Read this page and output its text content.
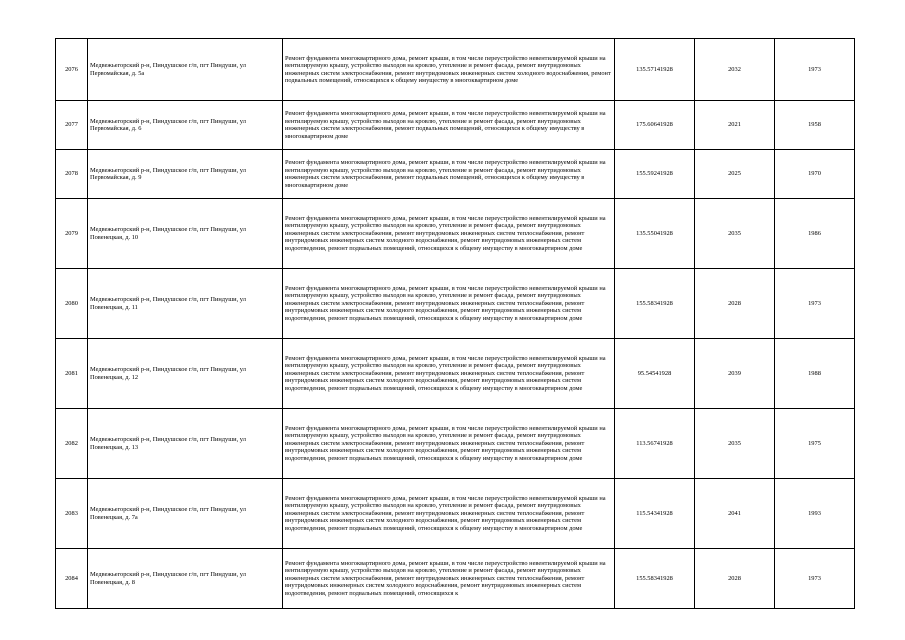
2076	Медвежьегорский р-н, Пиндушское г/п, пгт Пиндуши, ул Первомайская, д. 5а	Ремонт фундамента многоквартирного дома, ремонт крыши, в том числе переустройство невентилируемой крыши на вентилируемую крышу, устройство выходов на кровлю, утепление и ремонт фасада, ремонт внутридомовых инженерных систем электроснабжения, ремонт внутридомовых инженерных систем холодного водоснабжения, ремонт подвальных помещений, относящихся к общему имуществу в многоквартирном доме	135.57141928	2032	1973
2077	Медвежьегорский р-н, Пиндушское г/п, пгт Пиндуши, ул Первомайская, д. 6	Ремонт фундамента многоквартирного дома, ремонт крыши, в том числе переустройство невентилируемой крыши на вентилируемую крышу, устройство выходов на кровлю, утепление и ремонт фасада, ремонт внутридомовых инженерных систем электроснабжения, ремонт подвальных помещений, относящихся к общему имуществу в многоквартирном доме	175.60641928	2021	1958
2078	Медвежьегорский р-н, Пиндушское г/п, пгт Пиндуши, ул Первомайская, д. 9	Ремонт фундамента многоквартирного дома, ремонт крыши, в том числе переустройство невентилируемой крыши на вентилируемую крышу, устройство выходов на кровлю, утепление и ремонт фасада, ремонт внутридомовых инженерных систем электроснабжения, ремонт подвальных помещений, относящихся к общему имуществу в многоквартирном доме	155.59241928	2025	1970
2079	Медвежьегорский р-н, Пиндушское г/п, пгт Пиндуши, ул Повенецкая, д. 10	Ремонт фундамента многоквартирного дома, ремонт крыши, в том числе переустройство невентилируемой крыши на вентилируемую крышу, устройство выходов на кровлю, утепление и ремонт фасада, ремонт внутридомовых инженерных систем электроснабжения, ремонт внутридомовых инженерных систем теплоснабжения, ремонт внутридомовых инженерных систем холодного водоснабжения, ремонт внутридомовых инженерных систем водоотведения, ремонт подвальных помещений, относящихся к общему имуществу в многоквартирном доме	135.55041928	2035	1986
2080	Медвежьегорский р-н, Пиндушское г/п, пгт Пиндуши, ул Повенецкая, д. 11	Ремонт фундамента многоквартирного дома, ремонт крыши, в том числе переустройство невентилируемой крыши на вентилируемую крышу, устройство выходов на кровлю, утепление и ремонт фасада, ремонт внутридомовых инженерных систем электроснабжения, ремонт внутридомовых инженерных систем теплоснабжения, ремонт внутридомовых инженерных систем холодного водоснабжения, ремонт внутридомовых инженерных систем водоотведения, ремонт подвальных помещений, относящихся к общему имуществу в многоквартирном доме	155.58341928	2028	1973
2081	Медвежьегорский р-н, Пиндушское г/п, пгт Пиндуши, ул Повенецкая, д. 12	Ремонт фундамента многоквартирного дома, ремонт крыши, в том числе переустройство невентилируемой крыши на вентилируемую крышу, устройство выходов на кровлю, утепление и ремонт фасада, ремонт внутридомовых инженерных систем электроснабжения, ремонт внутридомовых инженерных систем теплоснабжения, ремонт внутридомовых инженерных систем холодного водоснабжения, ремонт внутридомовых инженерных систем водоотведения, ремонт подвальных помещений, относящихся к общему имуществу в многоквартирном доме	95.54541928	2039	1988
2082	Медвежьегорский р-н, Пиндушское г/п, пгт Пиндуши, ул Повенецкая, д. 13	Ремонт фундамента многоквартирного дома, ремонт крыши, в том числе переустройство невентилируемой крыши на вентилируемую крышу, устройство выходов на кровлю, утепление и ремонт фасада, ремонт внутридомовых инженерных систем электроснабжения, ремонт внутридомовых инженерных систем теплоснабжения, ремонт внутридомовых инженерных систем холодного водоснабжения, ремонт внутридомовых инженерных систем водоотведения, ремонт подвальных помещений, относящихся к общему имуществу в многоквартирном доме	113.56741928	2035	1975
2083	Медвежьегорский р-н, Пиндушское г/п, пгт Пиндуши, ул Повенецкая, д. 7а	Ремонт фундамента многоквартирного дома, ремонт крыши, в том числе переустройство невентилируемой крыши на вентилируемую крышу, устройство выходов на кровлю, утепление и ремонт фасада, ремонт внутридомовых инженерных систем электроснабжения, ремонт внутридомовых инженерных систем теплоснабжения, ремонт внутридомовых инженерных систем холодного водоснабжения, ремонт внутридомовых инженерных систем водоотведения, ремонт подвальных помещений, относящихся к общему имуществу в многоквартирном доме	115.54341928	2041	1993
2084	Медвежьегорский р-н, Пиндушское г/п, пгт Пиндуши, ул Повенецкая, д. 8	Ремонт фундамента многоквартирного дома, ремонт крыши, в том числе переустройство невентилируемой крыши на вентилируемую крышу, устройство выходов на кровлю, утепление и ремонт фасада, ремонт внутридомовых инженерных систем электроснабжения, ремонт внутридомовых инженерных систем теплоснабжения, ремонт внутридомовых инженерных систем холодного водоснабжения, ремонт внутридомовых инженерных систем водоотведения, ремонт подвальных помещений, относящихся к	155.58341928	2028	1973
